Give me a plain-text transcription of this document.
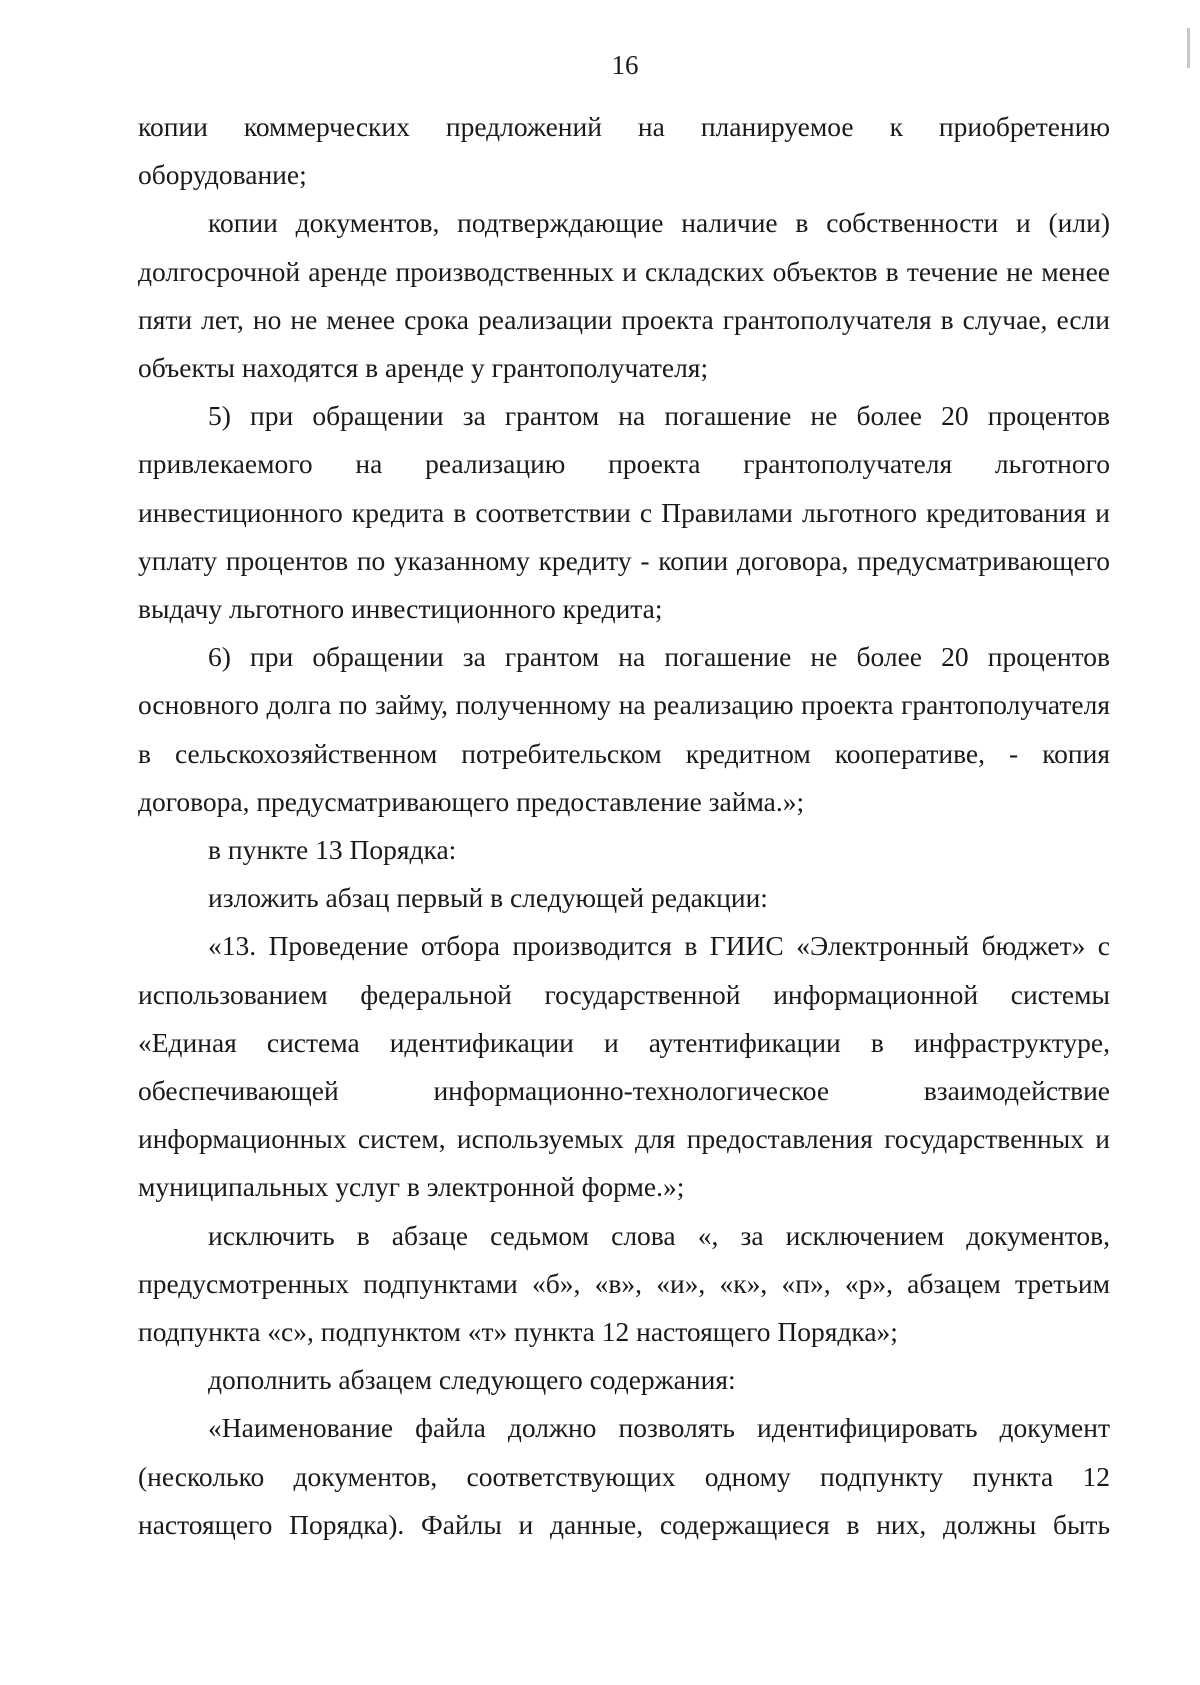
16

копии коммерческих предложений на планируемое к приобретению оборудование;

копии документов, подтверждающие наличие в собственности и (или) долгосрочной аренде производственных и складских объектов в течение не менее пяти лет, но не менее срока реализации проекта грантополучателя в случае, если объекты находятся в аренде у грантополучателя;

5) при обращении за грантом на погашение не более 20 процентов привлекаемого на реализацию проекта грантополучателя льготного инвестиционного кредита в соответствии с Правилами льготного кредитования и уплату процентов по указанному кредиту - копии договора, предусматривающего выдачу льготного инвестиционного кредита;

6) при обращении за грантом на погашение не более 20 процентов основного долга по займу, полученному на реализацию проекта грантополучателя в сельскохозяйственном потребительском кредитном кооперативе, - копия договора, предусматривающего предоставление займа.»;

в пункте 13 Порядка:

изложить абзац первый в следующей редакции:

«13. Проведение отбора производится в ГИИС «Электронный бюджет» с использованием федеральной государственной информационной системы «Единая система идентификации и аутентификации в инфраструктуре, обеспечивающей информационно-технологическое взаимодействие информационных систем, используемых для предоставления государственных и муниципальных услуг в электронной форме.»;

исключить в абзаце седьмом слова «, за исключением документов, предусмотренных подпунктами «б», «в», «и», «к», «п», «р», абзацем третьим подпункта «с», подпунктом «т» пункта 12 настоящего Порядка»;

дополнить абзацем следующего содержания:

«Наименование файла должно позволять идентифицировать документ (несколько документов, соответствующих одному подпункту пункта 12 настоящего Порядка). Файлы и данные, содержащиеся в них, должны быть
